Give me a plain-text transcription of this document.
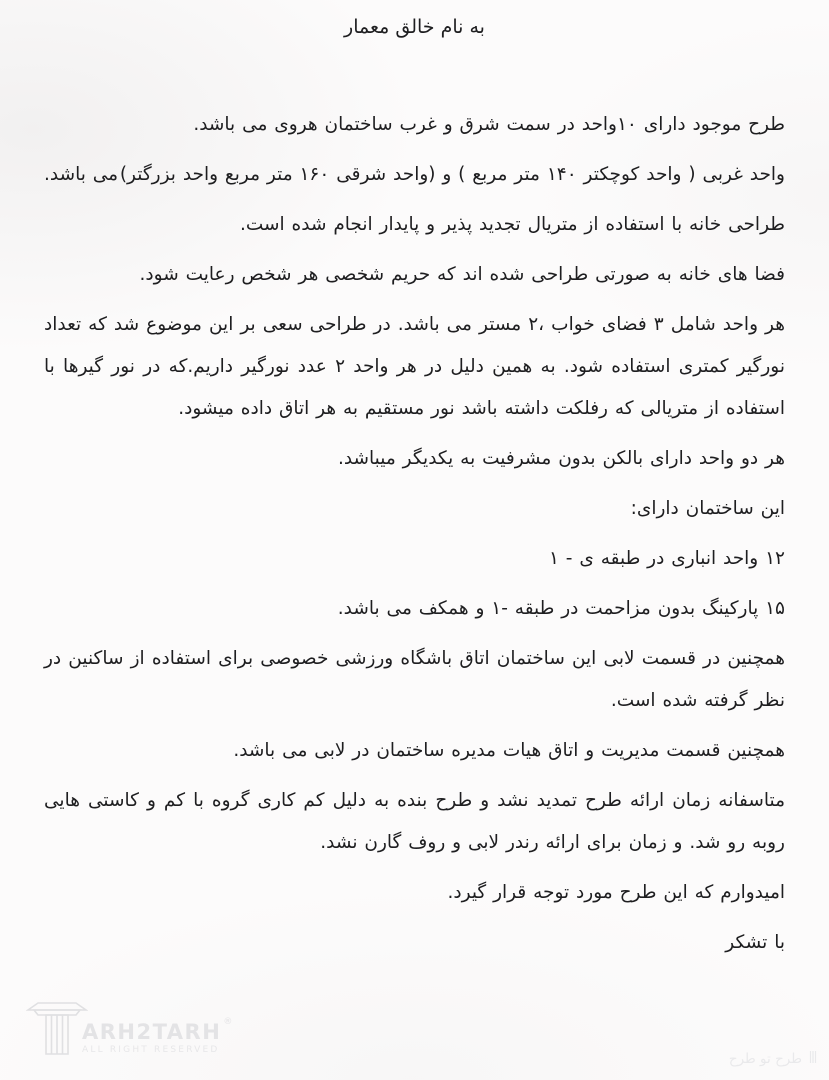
به نام خالق معمار

طرح موجود دارای ۱۰واحد در سمت شرق و غرب ساختمان هروی می باشد.

واحد غربی ( واحد کوچکتر ۱۴۰ متر مربع ) و (واحد شرقی ۱۶۰ متر مربع واحد بزرگتر)
می باشد.

طراحی خانه با استفاده از متریال تجدید پذیر و پایدار انجام شده است.

فضا های خانه به صورتی طراحی شده اند که حریم شخصی هر شخص رعایت شود.

هر واحد شامل ۳ فضای خواب ،۲ مستر می باشد. در طراحی سعی بر این موضوع شد که تعداد نورگیر کمتری استفاده شود. به همین دلیل در هر واحد ۲ عدد نورگیر داریم.که در نور گیرها با استفاده از متریالی که رفلکت داشته باشد نور مستقیم به هر اتاق داده میشود.

هر دو واحد دارای بالکن بدون مشرفیت به یکدیگر میباشد.

این ساختمان دارای:

۱۲ واحد انباری در طبقه ی - ۱

۱۵ پارکینگ بدون مزاحمت در طبقه -۱ و همکف می باشد.

همچنین در قسمت لابی این ساختمان اتاق باشگاه ورزشی خصوصی برای استفاده از ساکنین در نظر گرفته شده است.

همچنین قسمت مدیریت و اتاق هیات مدیره ساختمان در لابی می باشد.

متاسفانه زمان ارائه طرح تمدید نشد و طرح بنده به دلیل کم کاری گروه با کم و کاستی هایی روبه رو شد. و زمان برای ارائه رندر لابی و روف گارن نشد.

امیدوارم که این طرح مورد توجه قرار گیرد.

با تشکر

ARH2TARH ®
ALL RIGHT RESERVED
طرح تو طرح
